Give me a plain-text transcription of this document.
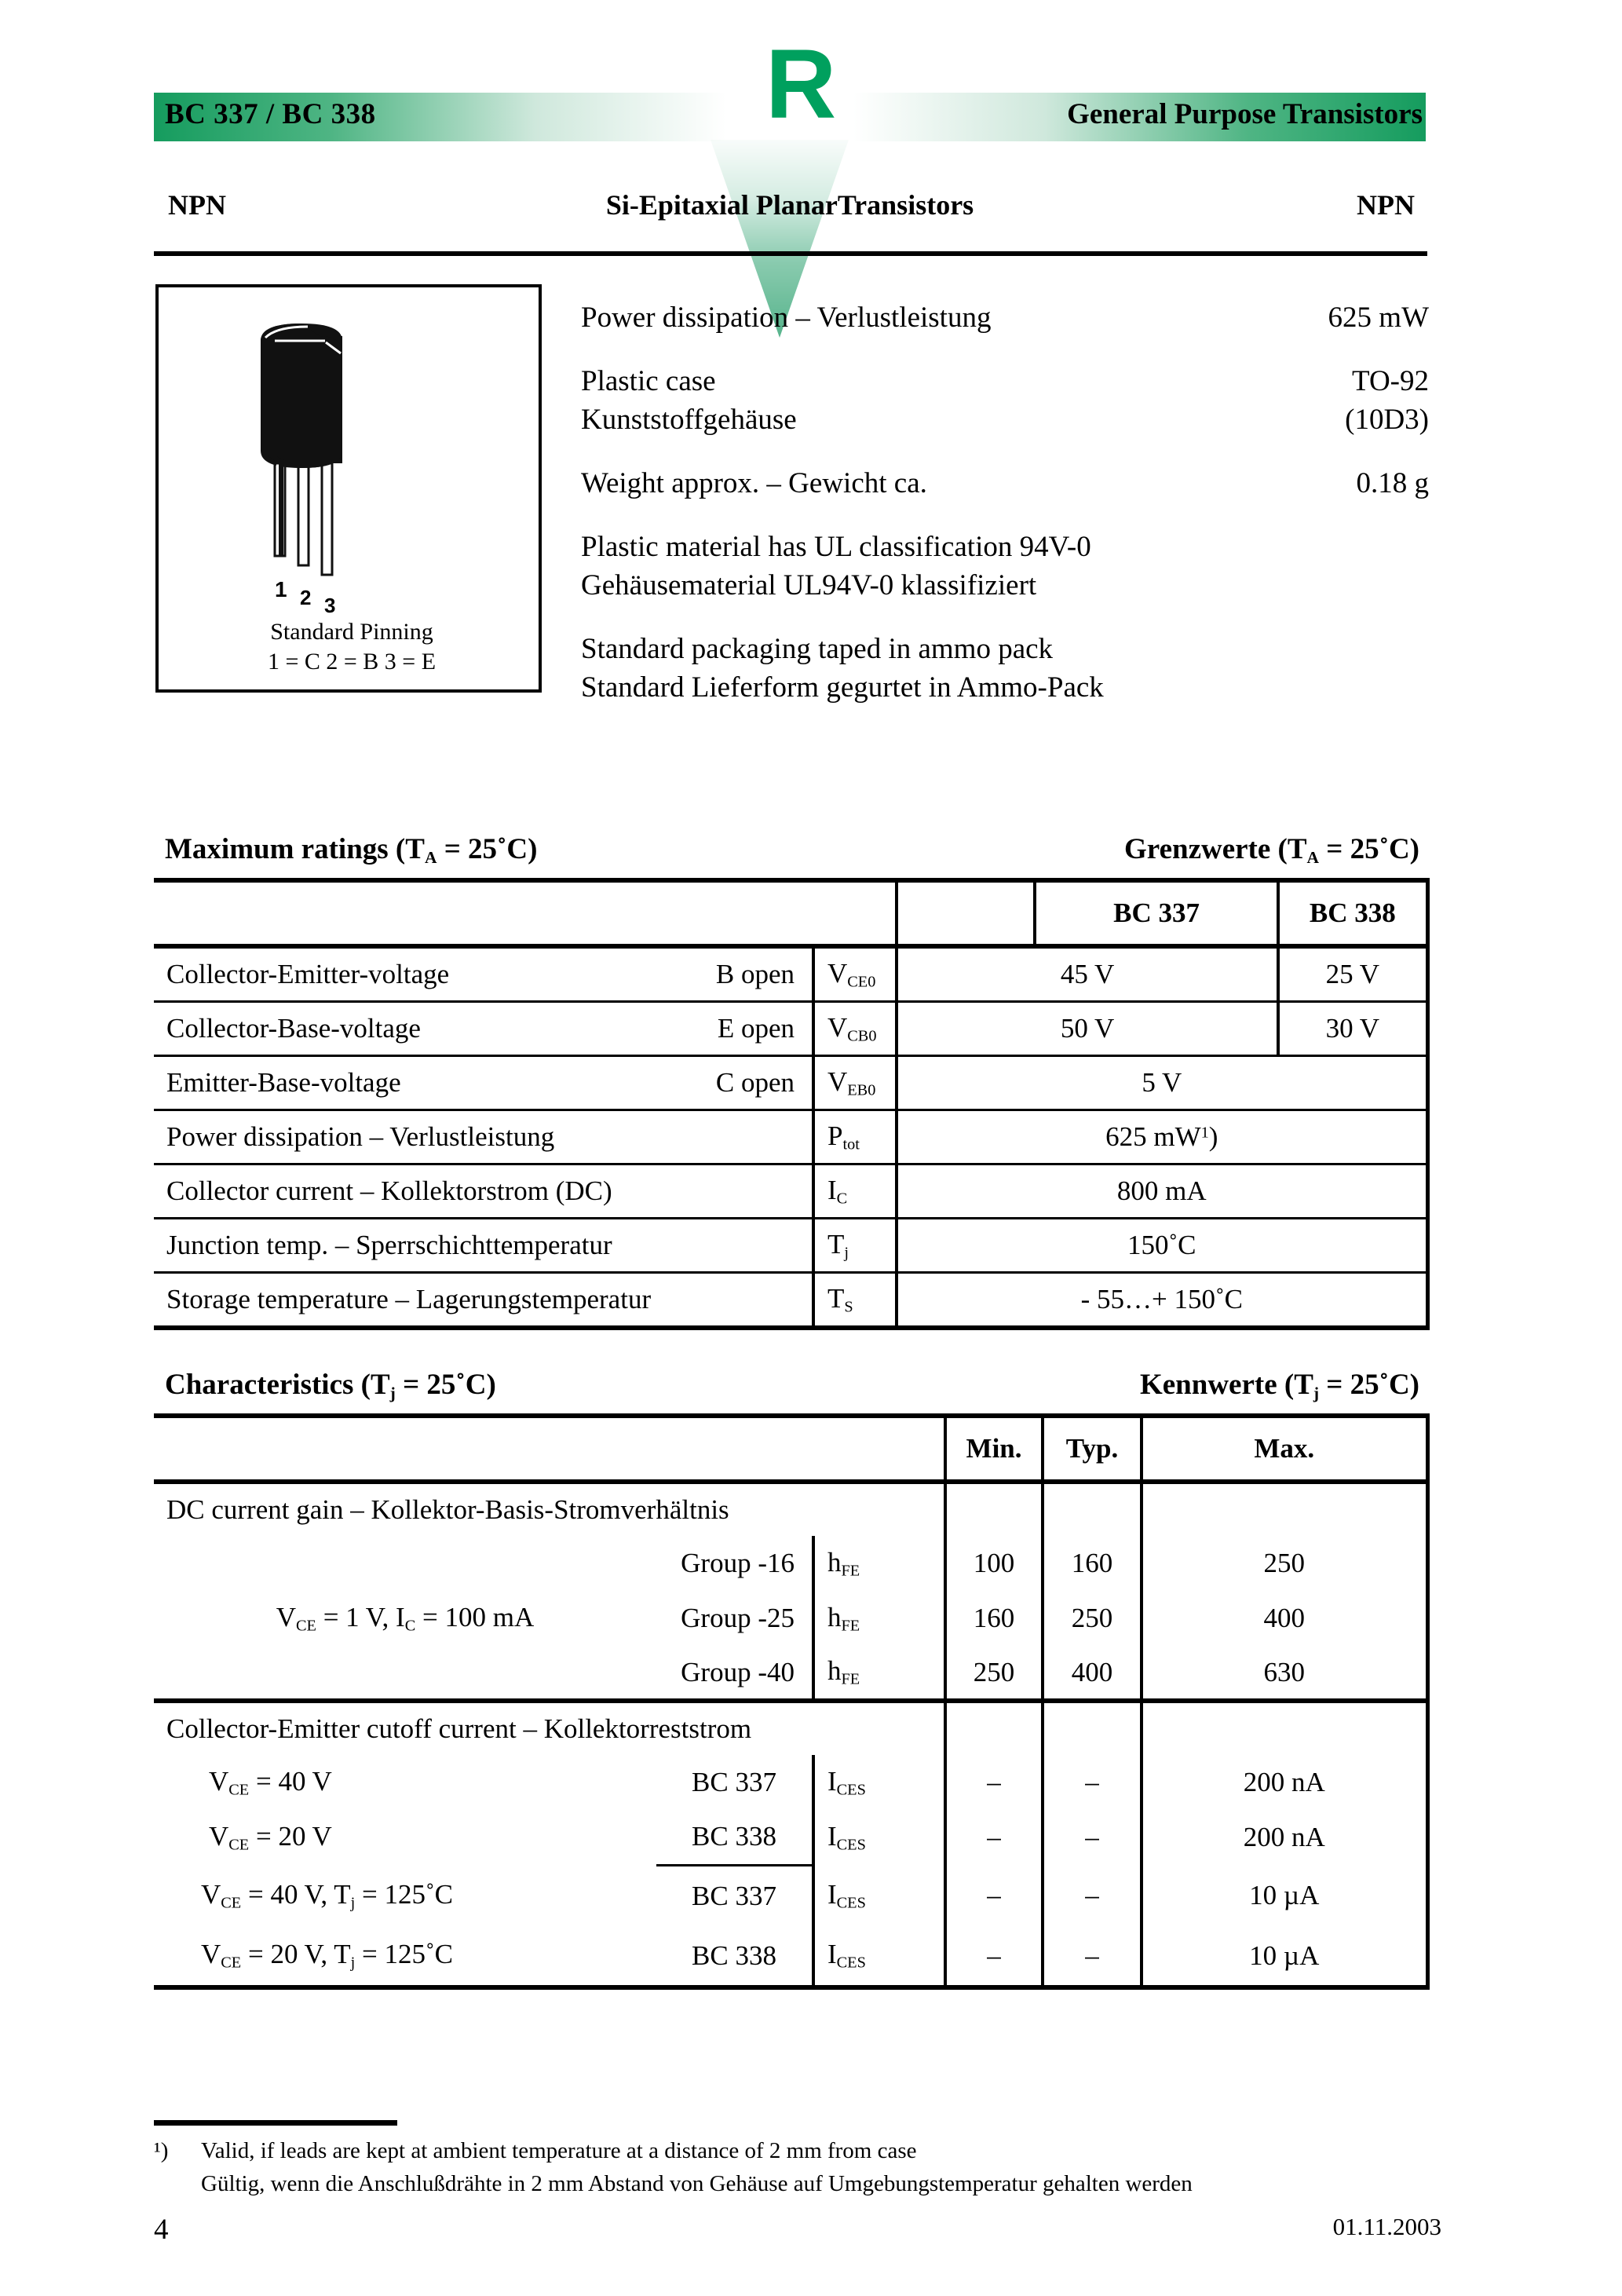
BC 337 / BC 338	General Purpose Transistors
R
NPN	Si-Epitaxial PlanarTransistors	NPN
1 2 3
Standard Pinning
1 = C 2 = B 3 = E
Power dissipation – Verlustleistung	625 mW
Plastic case	TO-92
Kunststoffgehäuse	(10D3)
Weight approx. – Gewicht ca.	0.18 g
Plastic material has UL classification 94V-0
Gehäusematerial UL94V-0 klassifiziert
Standard packaging taped in ammo pack
Standard Lieferform gegurtet in Ammo-Pack
Maximum ratings ($T_A$ = 25˚C)	Grenzwerte ($T_A$ = 25˚C)
				BC 337	BC 338
Collector-Emitter-voltage	B open	$V_{CE0}$	45 V		25 V
Collector-Base-voltage	E open	$V_{CB0}$	50 V		30 V
Emitter-Base-voltage	C open	$V_{EB0}$	5 V		
Power dissipation – Verlustleistung		$P_{tot}$	625 $mW^1$)		
Collector current – Kollektorstrom (DC)		$I_C$	800 mA		
Junction temp. – Sperrschichttemperatur		$T_j$	150˚C		
Storage temperature – Lagerungstemperatur		$T_S$	- 55…+ 150˚C		
Characteristics ($T_j$ = 25˚C)	Kennwerte ($T_j$ = 25˚C)
			Min.	Typ.	Max.
DC current gain – Kollektor-Basis-Stromverhältnis					
	Group -16	$h_{FE}$	100	160	250
$V_{CE} = 1$ V, $I_C = 100$ mA	Group -25	$h_{FE}$	160	250	400
	Group -40	$h_{FE}$	250	400	630
Collector-Emitter cutoff current – Kollektorreststrom					
$V_{CE} = 40$ V	BC 337	$I_{CES}$	–	–	200 nA
$V_{CE} = 20$ V	BC 338	$I_{CES}$	–	–	200 nA
$V_{CE} = 40$ V, $T_j$ = 125˚C	BC 337	$I_{CES}$	–	–	10 µA
$V_{CE} = 20$ V, $T_j$ = 125˚C	BC 338	$I_{CES}$	–	–	10 µA
¹) Valid, if leads are kept at ambient temperature at a distance of 2 mm from case
Gültig, wenn die Anschlußdrähte in 2 mm Abstand von Gehäuse auf Umgebungstemperatur gehalten werden
4	01.11.2003
